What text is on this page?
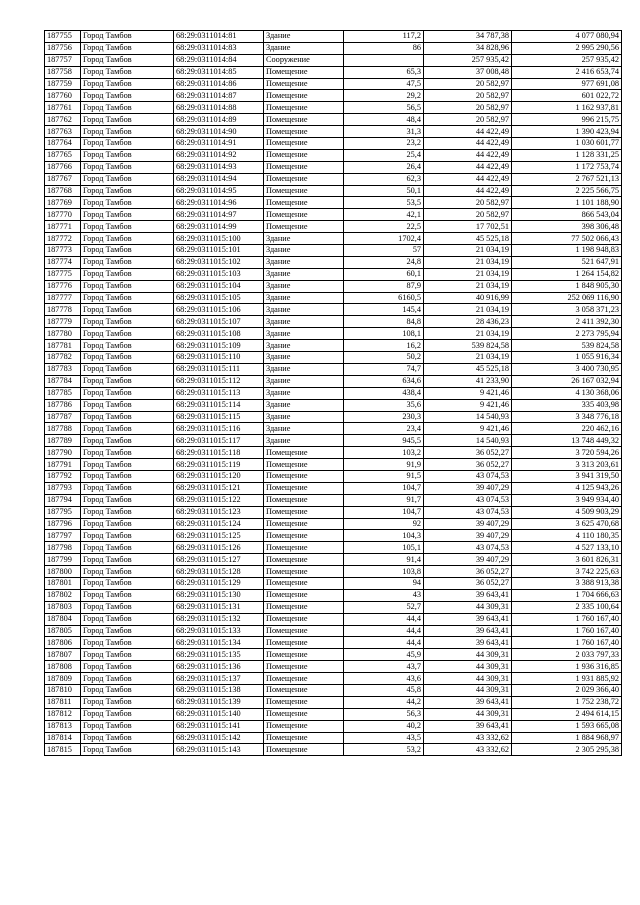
187755	Город Тамбов	68:29:0311014:81	Здание	117,2	34 787,38	4 077 080,94
187756	Город Тамбов	68:29:0311014:83	Здание	86	34 828,96	2 995 290,56
187757	Город Тамбов	68:29:0311014:84	Сооружение		257 935,42	257 935,42
187758	Город Тамбов	68:29:0311014:85	Помещение	65,3	37 008,48	2 416 653,74
187759	Город Тамбов	68:29:0311014:86	Помещение	47,5	20 582,97	977 691,08
187760	Город Тамбов	68:29:0311014:87	Помещение	29,2	20 582,97	601 022,72
187761	Город Тамбов	68:29:0311014:88	Помещение	56,5	20 582,97	1 162 937,81
187762	Город Тамбов	68:29:0311014:89	Помещение	48,4	20 582,97	996 215,75
187763	Город Тамбов	68:29:0311014:90	Помещение	31,3	44 422,49	1 390 423,94
187764	Город Тамбов	68:29:0311014:91	Помещение	23,2	44 422,49	1 030 601,77
187765	Город Тамбов	68:29:0311014:92	Помещение	25,4	44 422,49	1 128 331,25
187766	Город Тамбов	68:29:0311014:93	Помещение	26,4	44 422,49	1 172 753,74
187767	Город Тамбов	68:29:0311014:94	Помещение	62,3	44 422,49	2 767 521,13
187768	Город Тамбов	68:29:0311014:95	Помещение	50,1	44 422,49	2 225 566,75
187769	Город Тамбов	68:29:0311014:96	Помещение	53,5	20 582,97	1 101 188,90
187770	Город Тамбов	68:29:0311014:97	Помещение	42,1	20 582,97	866 543,04
187771	Город Тамбов	68:29:0311014:99	Помещение	22,5	17 702,51	398 306,48
187772	Город Тамбов	68:29:0311015:100	Здание	1702,4	45 525,18	77 502 066,43
187773	Город Тамбов	68:29:0311015:101	Здание	57	21 034,19	1 198 948,83
187774	Город Тамбов	68:29:0311015:102	Здание	24,8	21 034,19	521 647,91
187775	Город Тамбов	68:29:0311015:103	Здание	60,1	21 034,19	1 264 154,82
187776	Город Тамбов	68:29:0311015:104	Здание	87,9	21 034,19	1 848 905,30
187777	Город Тамбов	68:29:0311015:105	Здание	6160,5	40 916,99	252 069 116,90
187778	Город Тамбов	68:29:0311015:106	Здание	145,4	21 034,19	3 058 371,23
187779	Город Тамбов	68:29:0311015:107	Здание	84,8	28 436,23	2 411 392,30
187780	Город Тамбов	68:29:0311015:108	Здание	108,1	21 034,19	2 273 795,94
187781	Город Тамбов	68:29:0311015:109	Здание	16,2	539 824,58	539 824,58
187782	Город Тамбов	68:29:0311015:110	Здание	50,2	21 034,19	1 055 916,34
187783	Город Тамбов	68:29:0311015:111	Здание	74,7	45 525,18	3 400 730,95
187784	Город Тамбов	68:29:0311015:112	Здание	634,6	41 233,90	26 167 032,94
187785	Город Тамбов	68:29:0311015:113	Здание	438,4	9 421,46	4 130 368,06
187786	Город Тамбов	68:29:0311015:114	Здание	35,6	9 421,46	335 403,98
187787	Город Тамбов	68:29:0311015:115	Здание	230,3	14 540,93	3 348 776,18
187788	Город Тамбов	68:29:0311015:116	Здание	23,4	9 421,46	220 462,16
187789	Город Тамбов	68:29:0311015:117	Здание	945,5	14 540,93	13 748 449,32
187790	Город Тамбов	68:29:0311015:118	Помещение	103,2	36 052,27	3 720 594,26
187791	Город Тамбов	68:29:0311015:119	Помещение	91,9	36 052,27	3 313 203,61
187792	Город Тамбов	68:29:0311015:120	Помещение	91,5	43 074,53	3 941 319,50
187793	Город Тамбов	68:29:0311015:121	Помещение	104,7	39 407,29	4 125 943,26
187794	Город Тамбов	68:29:0311015:122	Помещение	91,7	43 074,53	3 949 934,40
187795	Город Тамбов	68:29:0311015:123	Помещение	104,7	43 074,53	4 509 903,29
187796	Город Тамбов	68:29:0311015:124	Помещение	92	39 407,29	3 625 470,68
187797	Город Тамбов	68:29:0311015:125	Помещение	104,3	39 407,29	4 110 180,35
187798	Город Тамбов	68:29:0311015:126	Помещение	105,1	43 074,53	4 527 133,10
187799	Город Тамбов	68:29:0311015:127	Помещение	91,4	39 407,29	3 601 826,31
187800	Город Тамбов	68:29:0311015:128	Помещение	103,8	36 052,27	3 742 225,63
187801	Город Тамбов	68:29:0311015:129	Помещение	94	36 052,27	3 388 913,38
187802	Город Тамбов	68:29:0311015:130	Помещение	43	39 643,41	1 704 666,63
187803	Город Тамбов	68:29:0311015:131	Помещение	52,7	44 309,31	2 335 100,64
187804	Город Тамбов	68:29:0311015:132	Помещение	44,4	39 643,41	1 760 167,40
187805	Город Тамбов	68:29:0311015:133	Помещение	44,4	39 643,41	1 760 167,40
187806	Город Тамбов	68:29:0311015:134	Помещение	44,4	39 643,41	1 760 167,40
187807	Город Тамбов	68:29:0311015:135	Помещение	45,9	44 309,31	2 033 797,33
187808	Город Тамбов	68:29:0311015:136	Помещение	43,7	44 309,31	1 936 316,85
187809	Город Тамбов	68:29:0311015:137	Помещение	43,6	44 309,31	1 931 885,92
187810	Город Тамбов	68:29:0311015:138	Помещение	45,8	44 309,31	2 029 366,40
187811	Город Тамбов	68:29:0311015:139	Помещение	44,2	39 643,41	1 752 238,72
187812	Город Тамбов	68:29:0311015:140	Помещение	56,3	44 309,31	2 494 614,15
187813	Город Тамбов	68:29:0311015:141	Помещение	40,2	39 643,41	1 593 665,08
187814	Город Тамбов	68:29:0311015:142	Помещение	43,5	43 332,62	1 884 968,97
187815	Город Тамбов	68:29:0311015:143	Помещение	53,2	43 332,62	2 305 295,38
